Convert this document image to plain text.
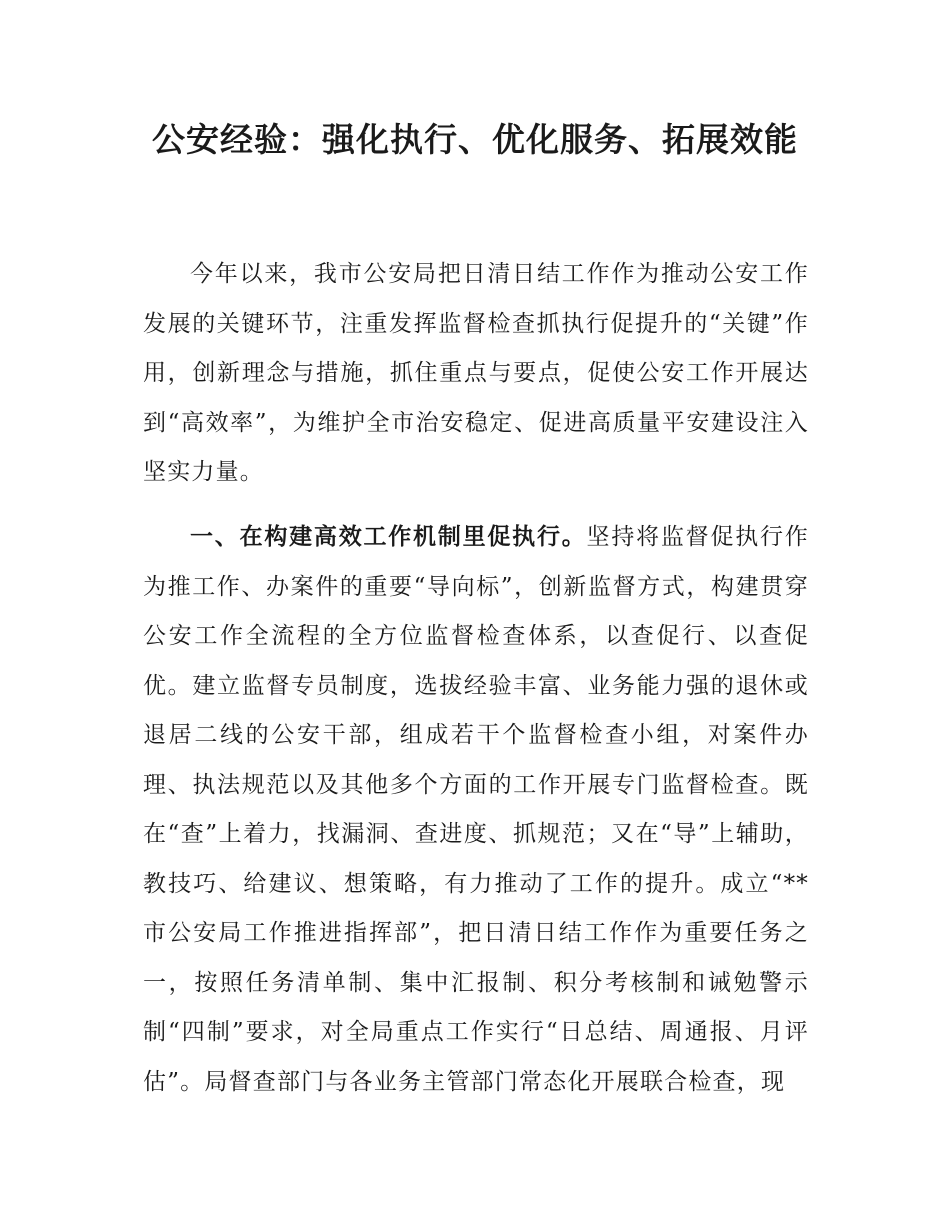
公安经验：强化执行、优化服务、拓展效能

今年以来，我市公安局把日清日结工作作为推动公安工作发展的关键环节，注重发挥监督检查抓执行促提升的“关键”作用，创新理念与措施，抓住重点与要点，促使公安工作开展达到“高效率”，为维护全市治安稳定、促进高质量平安建设注入坚实力量。

一、在构建高效工作机制里促执行。坚持将监督促执行作为推工作、办案件的重要“导向标”，创新监督方式，构建贯穿公安工作全流程的全方位监督检查体系，以查促行、以查促优。建立监督专员制度，选拔经验丰富、业务能力强的退休或退居二线的公安干部，组成若干个监督检查小组，对案件办理、执法规范以及其他多个方面的工作开展专门监督检查。既在“查”上着力，找漏洞、查进度、抓规范；又在“导”上辅助，教技巧、给建议、想策略，有力推动了工作的提升。成立“**市公安局工作推进指挥部”，把日清日结工作作为重要任务之一，按照任务清单制、集中汇报制、积分考核制和诫勉警示制“四制”要求，对全局重点工作实行“日总结、周通报、月评估”。局督查部门与各业务主管部门常态化开展联合检查，现
